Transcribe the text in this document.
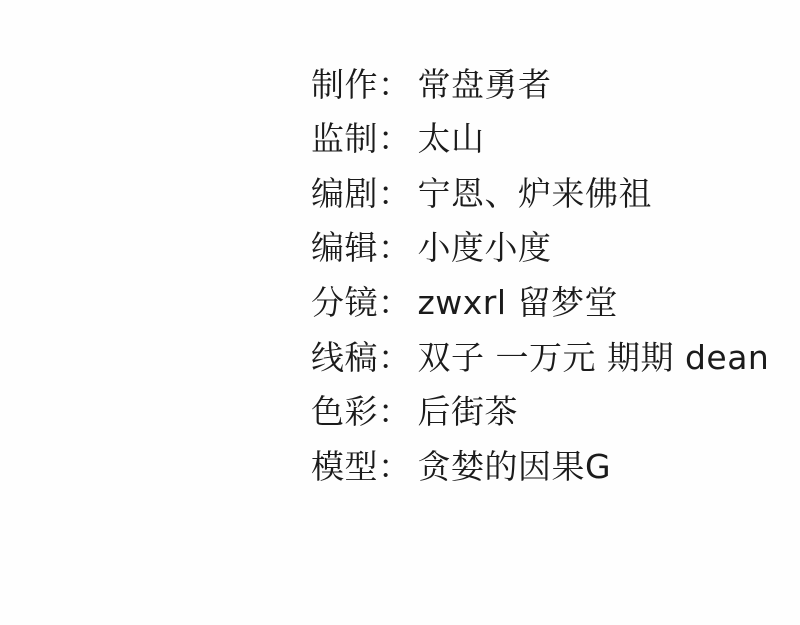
制作： 常盘勇者

监制： 太山

编剧： 宁恩、炉来佛祖

编辑： 小度小度

分镜： zwxrl 留梦堂

线稿： 双子 一万元 期期 dean

色彩： 后街茶

模型： 贪婪的因果G
